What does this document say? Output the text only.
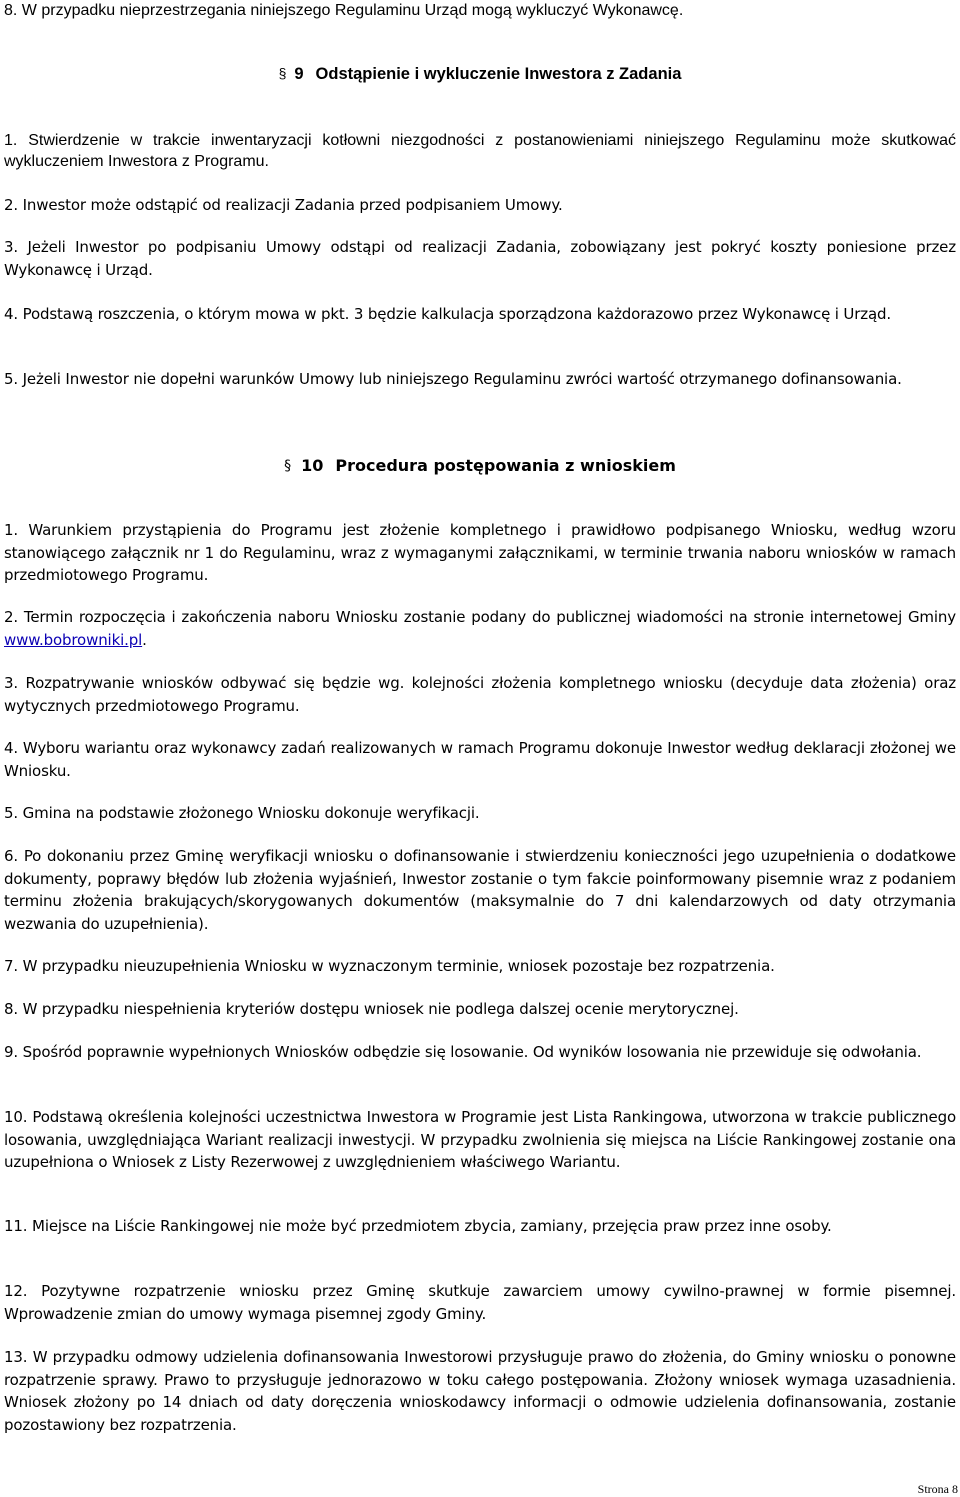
8. W przypadku nieprzestrzegania niniejszego Regulaminu Urząd mogą wykluczyć Wykonawcę.

§ 9 Odstąpienie i wykluczenie Inwestora z Zadania

1. Stwierdzenie w trakcie inwentaryzacji kotłowni niezgodności z postanowieniami niniejszego Regulaminu może skutkować wykluczeniem Inwestora z Programu.

2. Inwestor może odstąpić od realizacji Zadania przed podpisaniem Umowy.

3. Jeżeli Inwestor po podpisaniu Umowy odstąpi od realizacji Zadania, zobowiązany jest pokryć koszty poniesione przez Wykonawcę i Urząd.

4. Podstawą roszczenia, o którym mowa w pkt. 3 będzie kalkulacja sporządzona każdorazowo przez Wykonawcę i Urząd.

5. Jeżeli Inwestor nie dopełni warunków Umowy lub niniejszego Regulaminu zwróci wartość otrzymanego dofinansowania.

§ 10 Procedura postępowania z wnioskiem

1. Warunkiem przystąpienia do Programu jest złożenie kompletnego i prawidłowo podpisanego Wniosku, według wzoru stanowiącego załącznik nr 1 do Regulaminu, wraz z wymaganymi załącznikami, w terminie trwania naboru wniosków w ramach przedmiotowego Programu.

2. Termin rozpoczęcia i zakończenia naboru Wniosku zostanie podany do publicznej wiadomości na stronie internetowej Gminy www.bobrowniki.pl.

3. Rozpatrywanie wniosków odbywać się będzie wg. kolejności złożenia kompletnego wniosku (decyduje data złożenia) oraz wytycznych przedmiotowego Programu.

4. Wyboru wariantu oraz wykonawcy zadań realizowanych w ramach Programu dokonuje Inwestor według deklaracji złożonej we Wniosku.

5. Gmina na podstawie złożonego Wniosku dokonuje weryfikacji.

6. Po dokonaniu przez Gminę weryfikacji wniosku o dofinansowanie i stwierdzeniu konieczności jego uzupełnienia o dodatkowe dokumenty, poprawy błędów lub złożenia wyjaśnień, Inwestor zostanie o tym fakcie poinformowany pisemnie wraz z podaniem terminu złożenia brakujących/skorygowanych dokumentów (maksymalnie do 7 dni kalendarzowych od daty otrzymania wezwania do uzupełnienia).

7. W przypadku nieuzupełnienia Wniosku w wyznaczonym terminie, wniosek pozostaje bez rozpatrzenia.

8. W przypadku niespełnienia kryteriów dostępu wniosek nie podlega dalszej ocenie merytorycznej.

9. Spośród poprawnie wypełnionych Wniosków odbędzie się losowanie. Od wyników losowania nie przewiduje się odwołania.

10. Podstawą określenia kolejności uczestnictwa Inwestora w Programie jest Lista Rankingowa, utworzona w trakcie publicznego losowania, uwzględniająca Wariant realizacji inwestycji. W przypadku zwolnienia się miejsca na Liście Rankingowej zostanie ona uzupełniona o Wniosek z Listy Rezerwowej z uwzględnieniem właściwego Wariantu.

11. Miejsce na Liście Rankingowej nie może być przedmiotem zbycia, zamiany, przejęcia praw przez inne osoby.

12. Pozytywne rozpatrzenie wniosku przez Gminę skutkuje zawarciem umowy cywilno-prawnej w formie pisemnej. Wprowadzenie zmian do umowy wymaga pisemnej zgody Gminy.

13. W przypadku odmowy udzielenia dofinansowania Inwestorowi przysługuje prawo do złożenia, do Gminy wniosku o ponowne rozpatrzenie sprawy. Prawo to przysługuje jednorazowo w toku całego postępowania. Złożony wniosek wymaga uzasadnienia. Wniosek złożony po 14 dniach od daty doręczenia wnioskodawcy informacji o odmowie udzielenia dofinansowania, zostanie pozostawiony bez rozpatrzenia.

Strona 8
